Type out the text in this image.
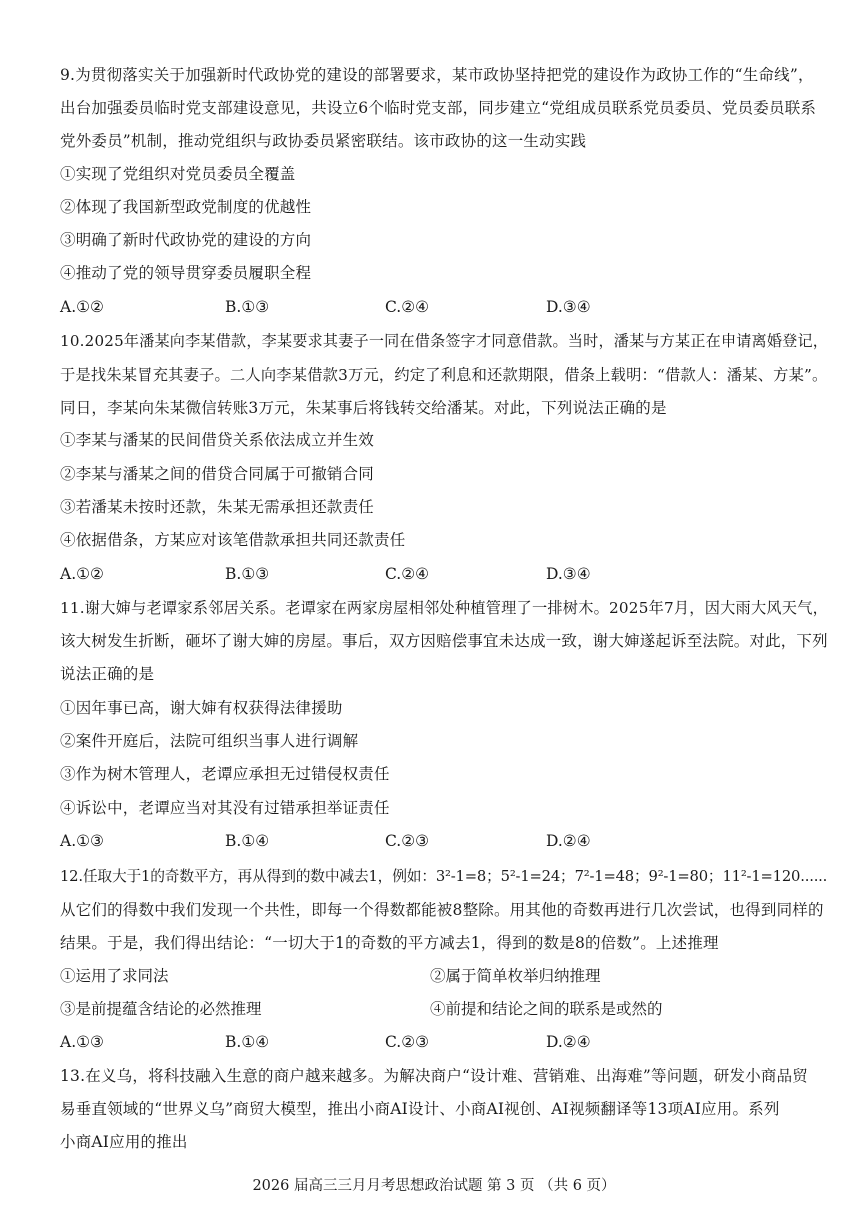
9.为贯彻落实关于加强新时代政协党的建设的部署要求，某市政协坚持把党的建设作为政协工作的“生命线”，
出台加强委员临时党支部建设意见，共设立6个临时党支部，同步建立“党组成员联系党员委员、党员委员联系
党外委员”机制，推动党组织与政协委员紧密联结。该市政协的这一生动实践
①实现了党组织对党员委员全覆盖
②体现了我国新型政党制度的优越性
③明确了新时代政协党的建设的方向
④推动了党的领导贯穿委员履职全程
A.①②	B.①③	C.②④	D.③④
10.2025年潘某向李某借款，李某要求其妻子一同在借条签字才同意借款。当时，潘某与方某正在申请离婚登记，
于是找朱某冒充其妻子。二人向李某借款3万元，约定了利息和还款期限，借条上载明：“借款人：潘某、方某”。
同日，李某向朱某微信转账3万元，朱某事后将钱转交给潘某。对此，下列说法正确的是
①李某与潘某的民间借贷关系依法成立并生效
②李某与潘某之间的借贷合同属于可撤销合同
③若潘某未按时还款，朱某无需承担还款责任
④依据借条，方某应对该笔借款承担共同还款责任
A.①②	B.①③	C.②④	D.③④
11.谢大婶与老谭家系邻居关系。老谭家在两家房屋相邻处种植管理了一排树木。2025年7月，因大雨大风天气，
该大树发生折断，砸坏了谢大婶的房屋。事后，双方因赔偿事宜未达成一致，谢大婶遂起诉至法院。对此，下列
说法正确的是
①因年事已高，谢大婶有权获得法律援助
②案件开庭后，法院可组织当事人进行调解
③作为树木管理人，老谭应承担无过错侵权责任
④诉讼中，老谭应当对其没有过错承担举证责任
A.①③	B.①④	C.②③	D.②④
12.任取大于1的奇数平方，再从得到的数中减去1，例如：3²-1=8；5²-1=24；7²-1=48；9²-1=80；11²-1=120......
从它们的得数中我们发现一个共性，即每一个得数都能被8整除。用其他的奇数再进行几次尝试，也得到同样的
结果。于是，我们得出结论：“一切大于1的奇数的平方减去1，得到的数是8的倍数”。上述推理
①运用了求同法	②属于简单枚举归纳推理
③是前提蕴含结论的必然推理	④前提和结论之间的联系是或然的
A.①③	B.①④	C.②③	D.②④
13.在义乌，将科技融入生意的商户越来越多。为解决商户“设计难、营销难、出海难”等问题，研发小商品贸
易垂直领域的“世界义乌”商贸大模型，推出小商AI设计、小商AI视创、AI视频翻译等13项AI应用。系列
小商AI应用的推出
2026 届高三三月月考思想政治试题 第 3 页 （共 6 页）
